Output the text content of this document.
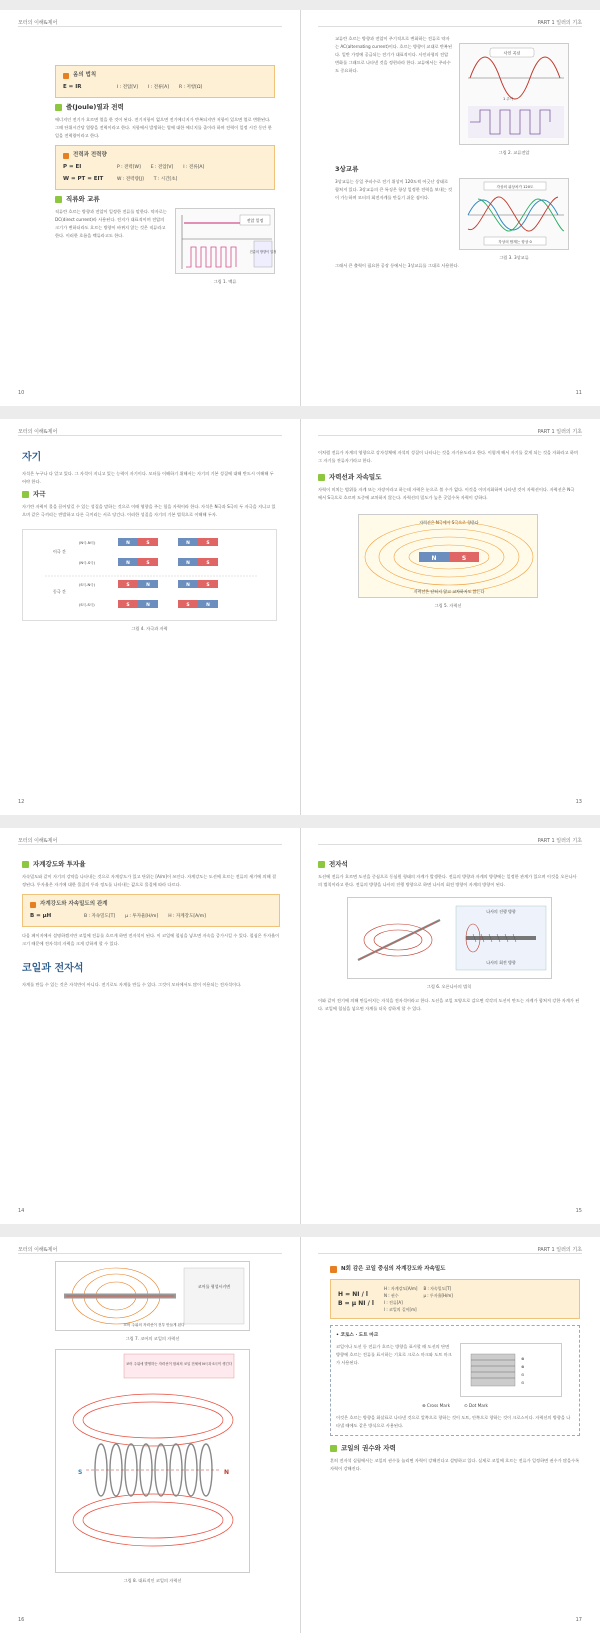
모터의 이해&제어	PART 1 일러의 기초
옴의 법칙
E = IR	I : 전압[V] I : 전류[A] R : 저항[Ω]
줄(Joule)열과 전력

에너지인 전기가 흐르면 열을 한 것이 된다. 전기저항이 없으면 전기에너지가 반복되지만 저항이 있으면 열로 변환된다. 그때 단위시간당 열량을 전력이라고 한다. 저항에서 발생하는 열에 대한 에너지를 줄이라 하며 전력이 일정 시간 동안 한 일을 전력량이라고 한다.

전력과 전력량
P = EI	P : 전력[W] E : 전압[V] I : 전류[A]
W = PT = EIT	W : 전력량[J] T : 시간[초]
직류와 교류

직류란 흐르는 방향과 전압이 일정한 전류를 말한다. 약자로는 DC(direct current)라 사용된다. 전지가 대표적이며 전압의 크기가 변하더라도 흐르는 방향이 바뀌지 않는 것은 직류라고 한다. 이러한 흐름을 맥류라고도 한다.

전압 일정
전류의 방향이 일정
그림 1. 맥류
10

교류란 흐르는 방향과 전압이 주기적으로 변화하는 전류로 약자는 AC(alternating current)이다. 흐르는 방향이 교대로 반복된다. 일반 가정에 공급되는 전기가 대표적이다. 사인파형의 전압 변화를 그래프로 나타낸 것을 정현파라 한다. 교류에서는 주파수도 중요하다.

사인 곡선
1 주기
그림 2. 교류전압
3상교류

3상교류는 동일 주파수로 전기 위상이 120도씩 어긋난 상태로 합쳐져 있다. 3상교류의 큰 특징은 항상 일정한 전력을 보내는 것이 가능하며 모터의 회전자계를 만들기 쉬운 점이다.

각상의 위상차가 120도
각상의 합계는 항상 0
그림 3. 3상교류

그래서 큰 출력이 필요한 공장 등에서는 3상교류를 그대로 사용한다.

11
모터의 이해&제어	PART 1 일러의 기초
자기

자석은 누구나 다 알고 있다. 그 자석이 지니고 있는 능력이 자기이다. 모터를 이해하기 위해서는 자기의 기본 성질에 대해 반드시 이해해 두어야 한다.

자극

자기란 자력이 물을 끌어당길 수 있는 성질을 말하는 것으로 이때 영향을 주는 힘을 자력이라 한다. 자석은 N극과 S극의 두 자극을 지니고 있으며 같은 극끼리는 반발하고 다른 극끼리는 서로 당긴다. 이러한 성질을 자기의 기본 법칙으로 이해해 두자.

이극 간
동극 간
(N극-N극)
(N극-S극)
(S극-N극)
(S극-S극)
N	S	N	S
N	S	N	S
S	N	N	S
S	N	S	N
그림 4. 자극과 자력
12

이처럼 전류가 자계의 영향으로 강자성체에 자석의 성질이 나타나는 것을 자기유도라고 한다. 이렇게 해서 자기를 갖게 되는 것을 자화라고 하며 그 자기를 잔류자기라고 한다.

자력선과 자속밀도

자력이 미치는 범위를 자계 또는 자장이라고 하는데 자력은 눈으로 볼 수가 없다. 이것을 이미지화하여 나타낸 것이 자력선이다. 자력선은 N극에서 S극으로 흐르며 도중에 교차하지 않는다. 자력선의 밀도가 높은 곳일수록 자력이 강하다.

자력선은 N극에서 S극으로 향한다
N	S
자력선은 닫히지 않고 교차하지도 않는다
그림 5. 자력선
13
모터의 이해&제어	PART 1 일러의 기초
자계강도와 투자율

자속밀도와 같이 자기의 강약을 나타내는 것으로 자계강도가 있고 단위는 [A/m]이 쓰인다. 자계강도는 도선에 흐르는 전류의 세기에 의해 결정된다. 투자율은 자기에 대한 물질의 투과 정도를 나타내는 값으로 물질에 따라 다르다.

자계강도와 자속밀도의 관계
B = μH	B : 자속밀도[T] μ : 투자율[H/m] H : 자계강도[A/m]

다음 페이지에서 설명하겠지만 코일에 전류를 흐르게 하면 전자석이 된다. 이 코일에 철심을 넣으면 자속을 증가시킬 수 있다. 철심은 투자율이 크기 때문에 전자석의 자력을 크게 강하게 할 수 있다.

코일과 전자석

자계를 만들 수 있는 것은 자석만이 아니다. 전기로도 자계를 만들 수 있다. 그것이 모터에서도 많이 이용되는 전자석이다.

14
전자석

도선에 전류가 흐르면 도선을 중심으로 동심원 형태의 자계가 발생한다. 전류의 방향과 자계의 방향에는 일정한 관계가 있으며 이것을 오른나사의 법칙이라고 한다. 전류의 방향을 나사의 진행 방향으로 하면 나사의 회전 방향이 자계의 방향이 된다.

나사의 진행 방향
나사의 회전 방향
그림 6. 오른나사의 법칙

이와 같이 전기에 의해 만들어지는 자석을 전자석이라고 한다. 도선을 코일 모양으로 감으면 각각의 도선이 만드는 자계가 합쳐져 강한 자계가 된다. 코일에 철심을 넣으면 자계를 더욱 강하게 할 수 있다.

15
모터의 이해&제어	PART 1 일러의 기초
코어를 형성시키면
코어 주위의 자력선이 전부 만들게 된다
그림 7. 코어의 코일의 자력선
코어 주위에 발생하는 자력선이 합쳐져 코일 전체에 N극과 S극이 생긴다
S	N
그림 8. 대표적인 코일의 자력선
16
N회 감은 코일 중심의 자계강도와 자속밀도
H = NI / l
B = μ NI / l
H : 자계강도[A/m] B : 자속밀도[T]
N : 권수	μ : 투자율[H/m]
I : 전류[A]
l : 코일의 길이[m]
• 코로스 · 도트 마크

코일이나 도선 등 전류가 흐르는 방향을 표시할 때 도선의 단면 방향에 흐르는 전류를 표시하는 기호로 크로스 마크와 도트 마크가 사용된다.

⊗
⊗
⊙
⊙
⊗ Cross Mark	⊙ Dot Mark

이것은 흐르는 방향을 화살표로 나타낸 것으로 앞쪽으로 향하는 것이 도트, 안쪽으로 향하는 것이 크로스이다. 자력선의 방향을 나타낼 때에도 같은 방식으로 사용된다.

코일의 권수와 자력

흔히 전자석 실험에서는 코일의 권수를 늘리면 자력이 강해진다고 설명하고 있다. 실제로 코일에 흐르는 전류가 일정하면 권수가 많을수록 자력이 강해진다.

17
